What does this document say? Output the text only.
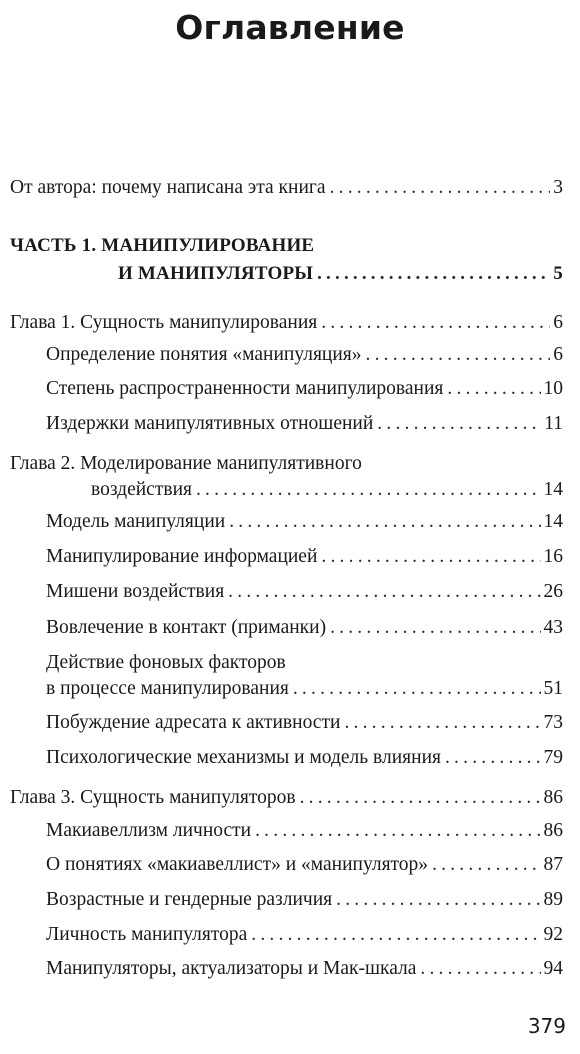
Оглавление
От автора: почему написана эта книга .....	3
ЧАСТЬ 1. МАНИПУЛИРОВАНИЕ
И МАНИПУЛЯТОРЫ .....	5
Глава 1. Сущность манипулирования .....	6
Определение понятия «манипуляция» .....	6
Степень распространенности манипулирования .....	10
Издержки манипулятивных отношений .....	11
Глава 2. Моделирование манипулятивного
воздействия .....	14
Модель манипуляции .....	14
Манипулирование информацией .....	16
Мишени воздействия .....	26
Вовлечение в контакт (приманки) .....	43
Действие фоновых факторов
в процессе манипулирования .....	51
Побуждение адресата к активности .....	73
Психологические механизмы и модель влияния .....	79
Глава 3. Сущность манипуляторов .....	86
Макиавеллизм личности .....	86
О понятиях «макиавеллист» и «манипулятор» .....	87
Возрастные и гендерные различия .....	89
Личность манипулятора .....	92
Манипуляторы, актуализаторы и Мак-шкала .....	94
379
